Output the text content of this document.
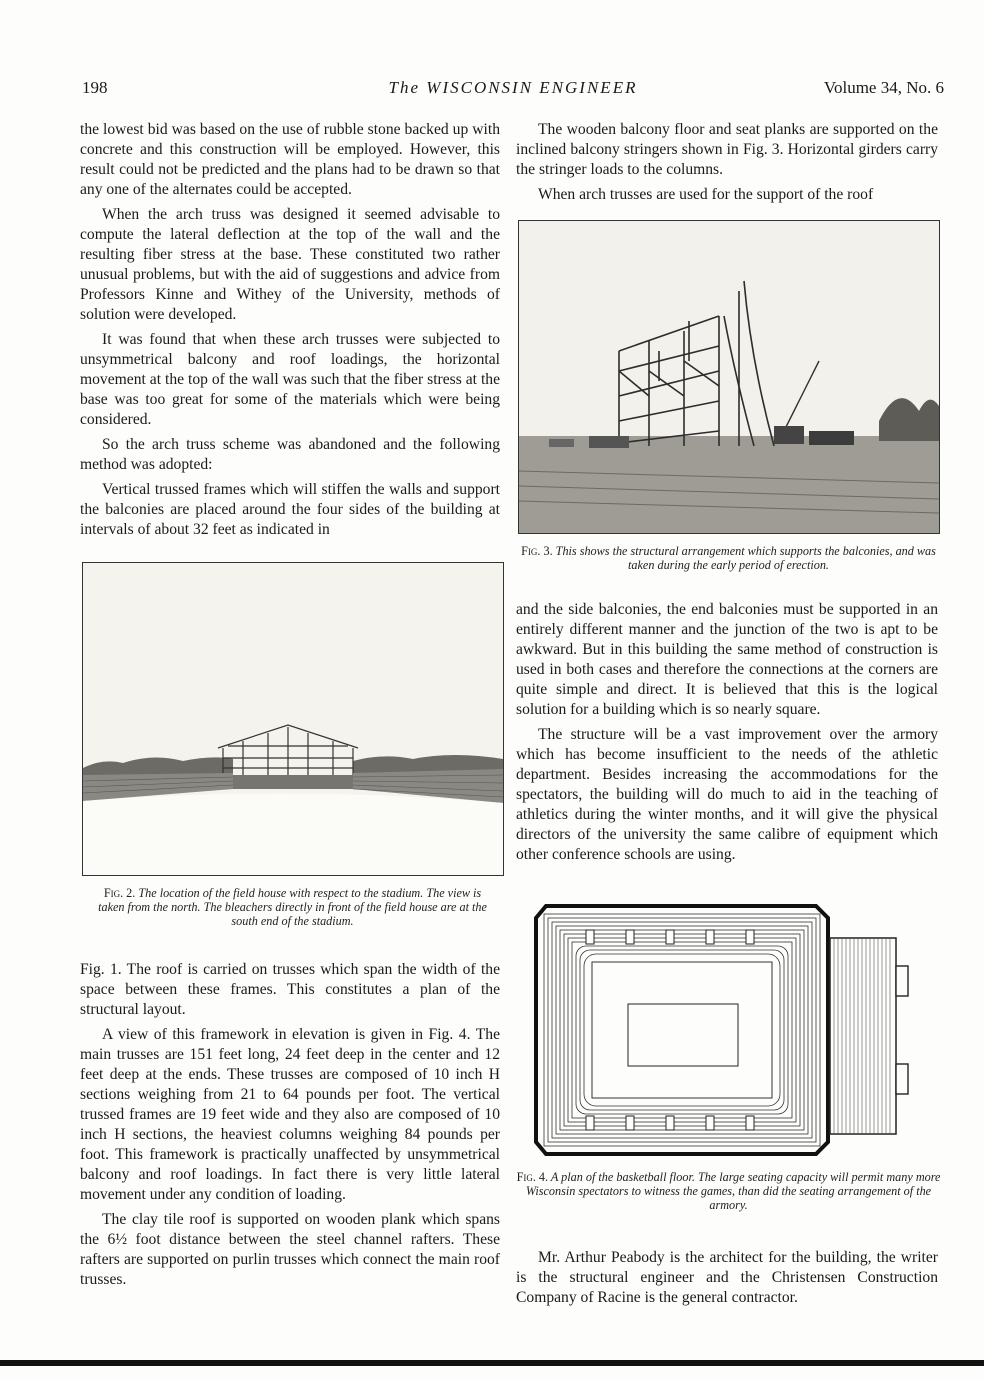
198	The WISCONSIN ENGINEER	Volume 34, No. 6

the lowest bid was based on the use of rubble stone backed up with concrete and this construction will be employed. However, this result could not be predicted and the plans had to be drawn so that any one of the alternates could be accepted.

When the arch truss was designed it seemed advisable to compute the lateral deflection at the top of the wall and the resulting fiber stress at the base. These constituted two rather unusual problems, but with the aid of suggestions and advice from Professors Kinne and Withey of the University, methods of solution were developed.

It was found that when these arch trusses were subjected to unsymmetrical balcony and roof loadings, the horizontal movement at the top of the wall was such that the fiber stress at the base was too great for some of the materials which were being considered.

So the arch truss scheme was abandoned and the following method was adopted:

Vertical trussed frames which will stiffen the walls and support the balconies are placed around the four sides of the building at intervals of about 32 feet as indicated in

Fig. 2. The location of the field house with respect to the stadium. The view is taken from the north. The bleachers directly in front of the field house are at the south end of the stadium.

Fig. 1. The roof is carried on trusses which span the width of the space between these frames. This constitutes a plan of the structural layout.

A view of this framework in elevation is given in Fig. 4. The main trusses are 151 feet long, 24 feet deep in the center and 12 feet deep at the ends. These trusses are composed of 10 inch H sections weighing from 21 to 64 pounds per foot. The vertical trussed frames are 19 feet wide and they also are composed of 10 inch H sections, the heaviest columns weighing 84 pounds per foot. This framework is practically unaffected by unsymmetrical balcony and roof loadings. In fact there is very little lateral movement under any condition of loading.

The clay tile roof is supported on wooden plank which spans the 6½ foot distance between the steel channel rafters. These rafters are supported on purlin trusses which connect the main roof trusses.

The wooden balcony floor and seat planks are supported on the inclined balcony stringers shown in Fig. 3. Horizontal girders carry the stringer loads to the columns.

When arch trusses are used for the support of the roof

Fig. 3. This shows the structural arrangement which supports the balconies, and was taken during the early period of erection.

and the side balconies, the end balconies must be supported in an entirely different manner and the junction of the two is apt to be awkward. But in this building the same method of construction is used in both cases and therefore the connections at the corners are quite simple and direct. It is believed that this is the logical solution for a building which is so nearly square.

The structure will be a vast improvement over the armory which has become insufficient to the needs of the athletic department. Besides increasing the accommodations for the spectators, the building will do much to aid in the teaching of athletics during the winter months, and it will give the physical directors of the university the same calibre of equipment which other conference schools are using.

Fig. 4. A plan of the basketball floor. The large seating capacity will permit many more Wisconsin spectators to witness the games, than did the seating arrangement of the armory.

Mr. Arthur Peabody is the architect for the building, the writer is the structural engineer and the Christensen Construction Company of Racine is the general contractor.
